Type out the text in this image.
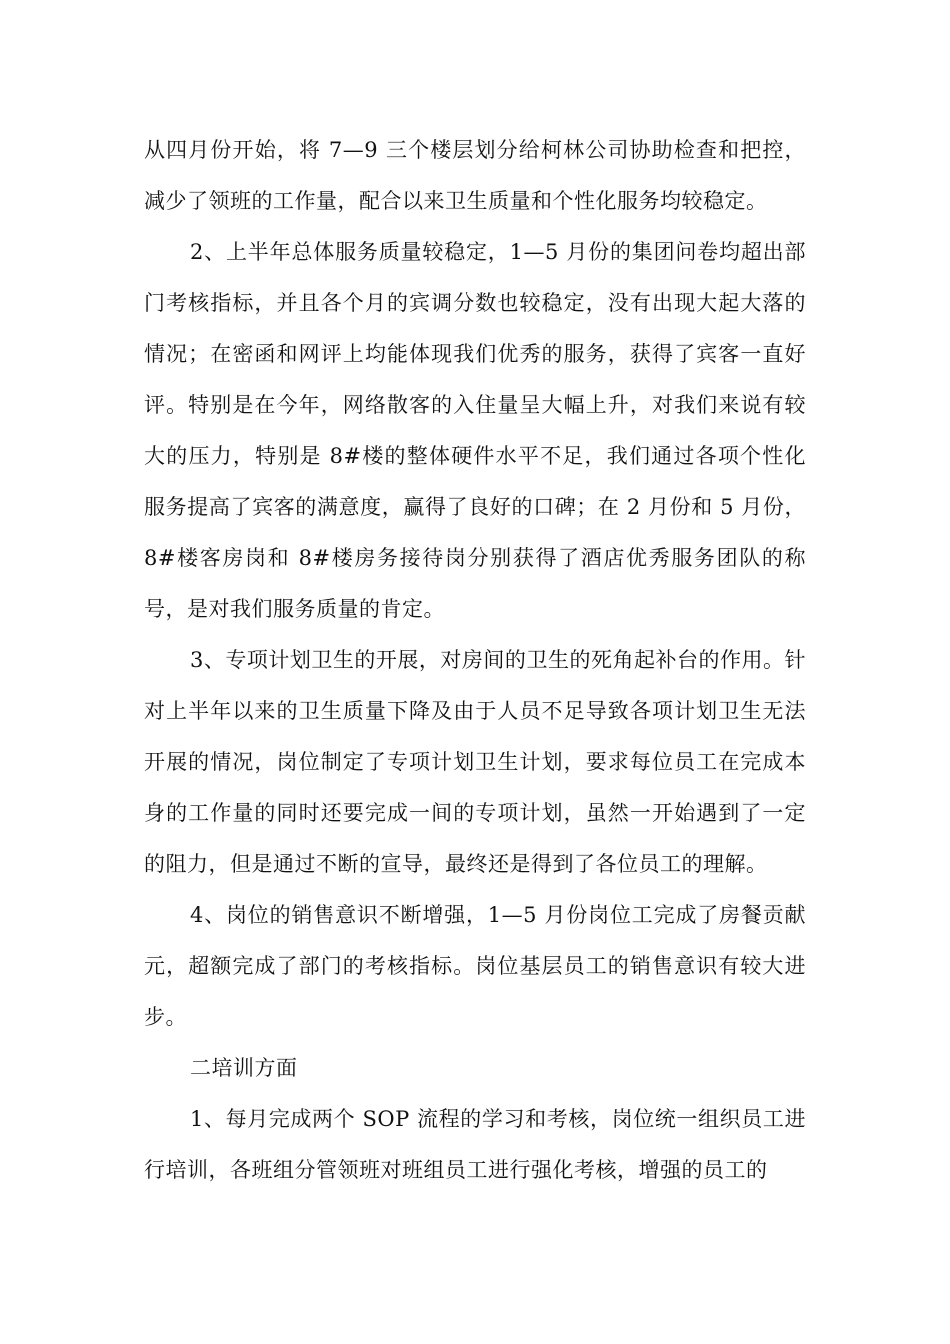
从四月份开始，将 7—9 三个楼层划分给柯林公司协助检查和把控，减少了领班的工作量，配合以来卫生质量和个性化服务均较稳定。

2、上半年总体服务质量较稳定，1—5 月份的集团问卷均超出部门考核指标，并且各个月的宾调分数也较稳定，没有出现大起大落的情况；在密函和网评上均能体现我们优秀的服务，获得了宾客一直好评。特别是在今年，网络散客的入住量呈大幅上升，对我们来说有较大的压力，特别是 8#楼的整体硬件水平不足，我们通过各项个性化服务提高了宾客的满意度，赢得了良好的口碑；在 2 月份和 5 月份，8#楼客房岗和 8#楼房务接待岗分别获得了酒店优秀服务团队的称号，是对我们服务质量的肯定。

3、专项计划卫生的开展，对房间的卫生的死角起补台的作用。针对上半年以来的卫生质量下降及由于人员不足导致各项计划卫生无法开展的情况，岗位制定了专项计划卫生计划，要求每位员工在完成本身的工作量的同时还要完成一间的专项计划，虽然一开始遇到了一定的阻力，但是通过不断的宣导，最终还是得到了各位员工的理解。

4、岗位的销售意识不断增强，1—5 月份岗位工完成了房餐贡献元，超额完成了部门的考核指标。岗位基层员工的销售意识有较大进步。

二培训方面

1、每月完成两个 SOP 流程的学习和考核，岗位统一组织员工进行培训，各班组分管领班对班组员工进行强化考核，增强的员工的
